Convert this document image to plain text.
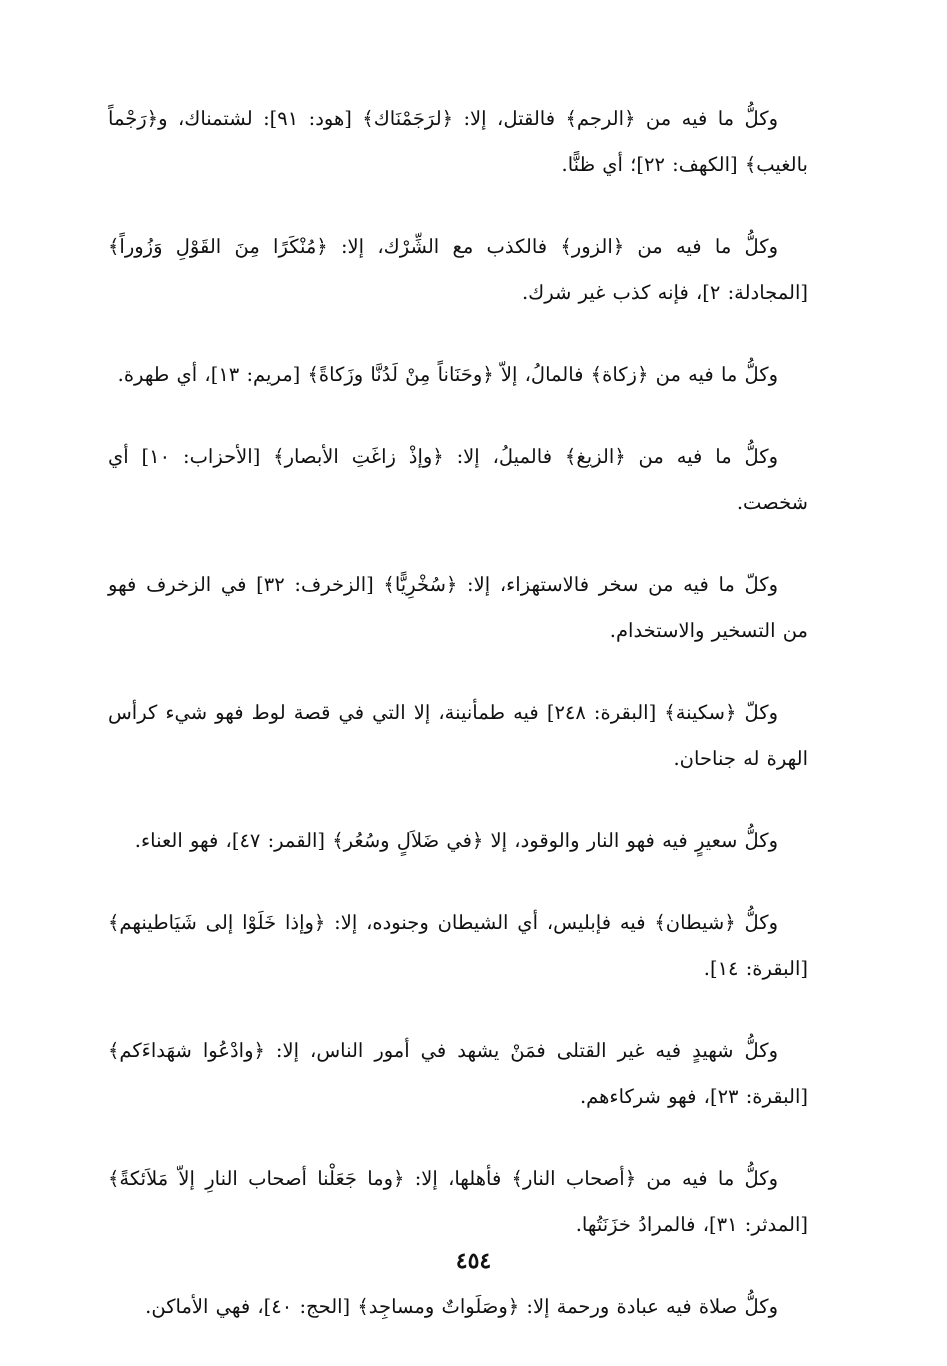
وكلُّ ما فيه من ﴿الرجم﴾ فالقتل، إلا: ﴿لرَجَمْنَاك﴾ [هود: ٩١]: لشتمناك، و﴿رَجْماً بالغيب﴾ [الكهف: ٢٢]؛ أي ظنًّا.

وكلُّ ما فيه من ﴿الزور﴾ فالكذب مع الشِّرْك، إلا: ﴿مُنْكَرًا مِنَ القَوْلِ وَزُوراً﴾ [المجادلة: ٢]، فإنه كذب غير شرك.

وكلُّ ما فيه من ﴿زكاة﴾ فالمالُ، إلاّ ﴿وحَنَاناً مِنْ لَدُنَّا وزَكاةً﴾ [مريم: ١٣]، أي طهرة.

وكلُّ ما فيه من ﴿الزيغ﴾ فالميلُ، إلا: ﴿وإذْ زاغَتِ الأبصار﴾ [الأحزاب: ١٠] أي شخصت.

وكلّ ما فيه من سخر فالاستهزاء، إلا: ﴿سُخْرِيًّا﴾ [الزخرف: ٣٢] في الزخرف فهو من التسخير والاستخدام.

وكلّ ﴿سكينة﴾ [البقرة: ٢٤٨] فيه طمأنينة، إلا التي في قصة لوط فهو شيء كرأس الهرة له جناحان.

وكلُّ سعيرٍ فيه فهو النار والوقود، إلا ﴿في ضَلاَلٍ وسُعُر﴾ [القمر: ٤٧]، فهو العناء.

وكلُّ ﴿شيطان﴾ فيه فإبليس، أي الشيطان وجنوده، إلا: ﴿وإذا خَلَوْا إلى شَيَاطينهم﴾ [البقرة: ١٤].

وكلُّ شهيدٍ فيه غير القتلى فمَنْ يشهد في أمور الناس، إلا: ﴿وادْعُوا شهَداءَكم﴾ [البقرة: ٢٣]، فهو شركاءهم.

وكلُّ ما فيه من ﴿أصحاب النار﴾ فأهلها، إلا: ﴿وما جَعَلْنا أصحاب النارِ إلاّ مَلاَئكةً﴾ [المدثر: ٣١]، فالمرادُ خزَنَتُها.

وكلُّ صلاة فيه عبادة ورحمة إلا: ﴿وصَلَواتٌ ومساجِد﴾ [الحج: ٤٠]، فهي الأماكن.

٤٥٤
